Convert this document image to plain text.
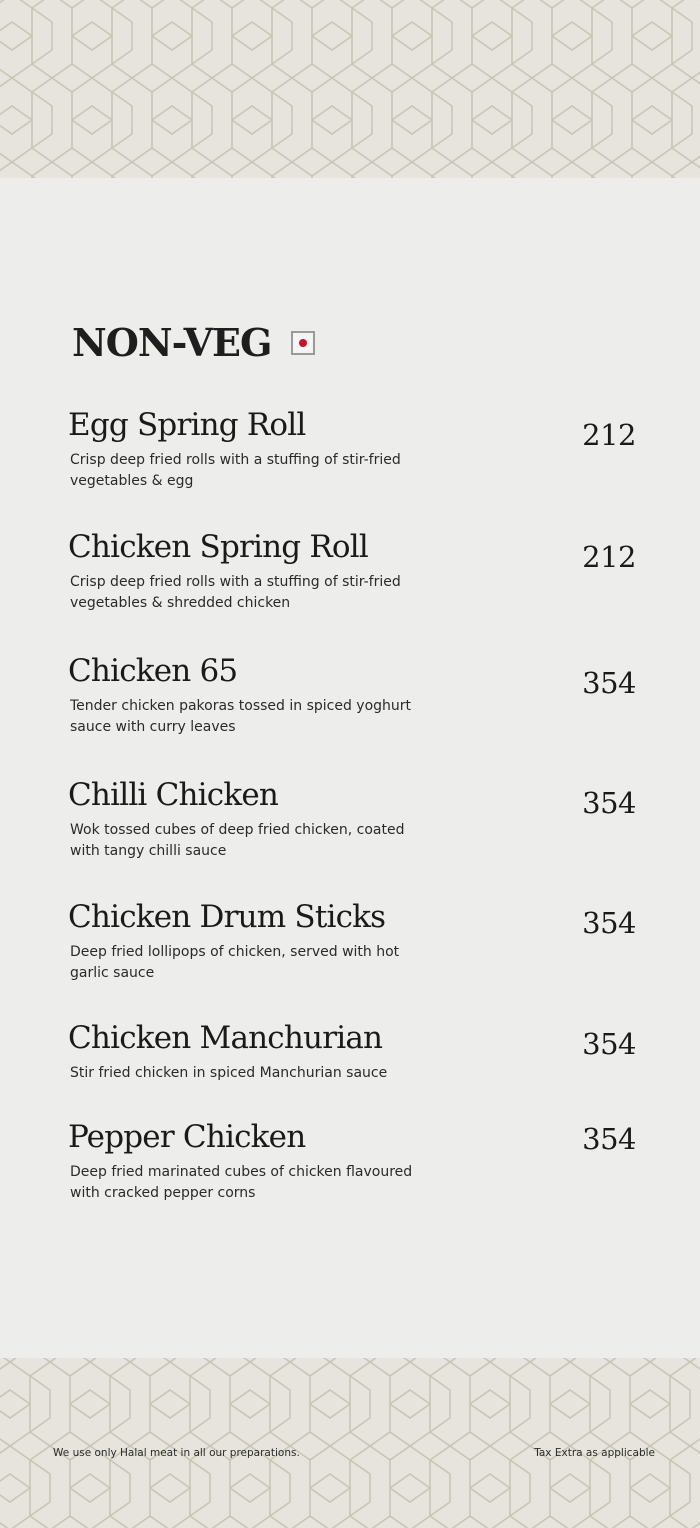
NON-VEG

Egg Spring Roll

Crisp deep fried rolls with a stuffing of stir-fried vegetables & egg

212

Chicken Spring Roll

Crisp deep fried rolls with a stuffing of stir-fried vegetables & shredded chicken

212

Chicken 65

Tender chicken pakoras tossed in spiced yoghurt sauce with curry leaves

354

Chilli Chicken

Wok tossed cubes of deep fried chicken, coated with tangy chilli sauce

354

Chicken Drum Sticks

Deep fried lollipops of chicken, served with hot garlic sauce

354

Chicken Manchurian

Stir fried chicken in spiced Manchurian sauce

354

Pepper Chicken

Deep fried marinated cubes of chicken flavoured with cracked pepper corns

354
We use only Halal meat in all our preparations.	Tax Extra as applicable
